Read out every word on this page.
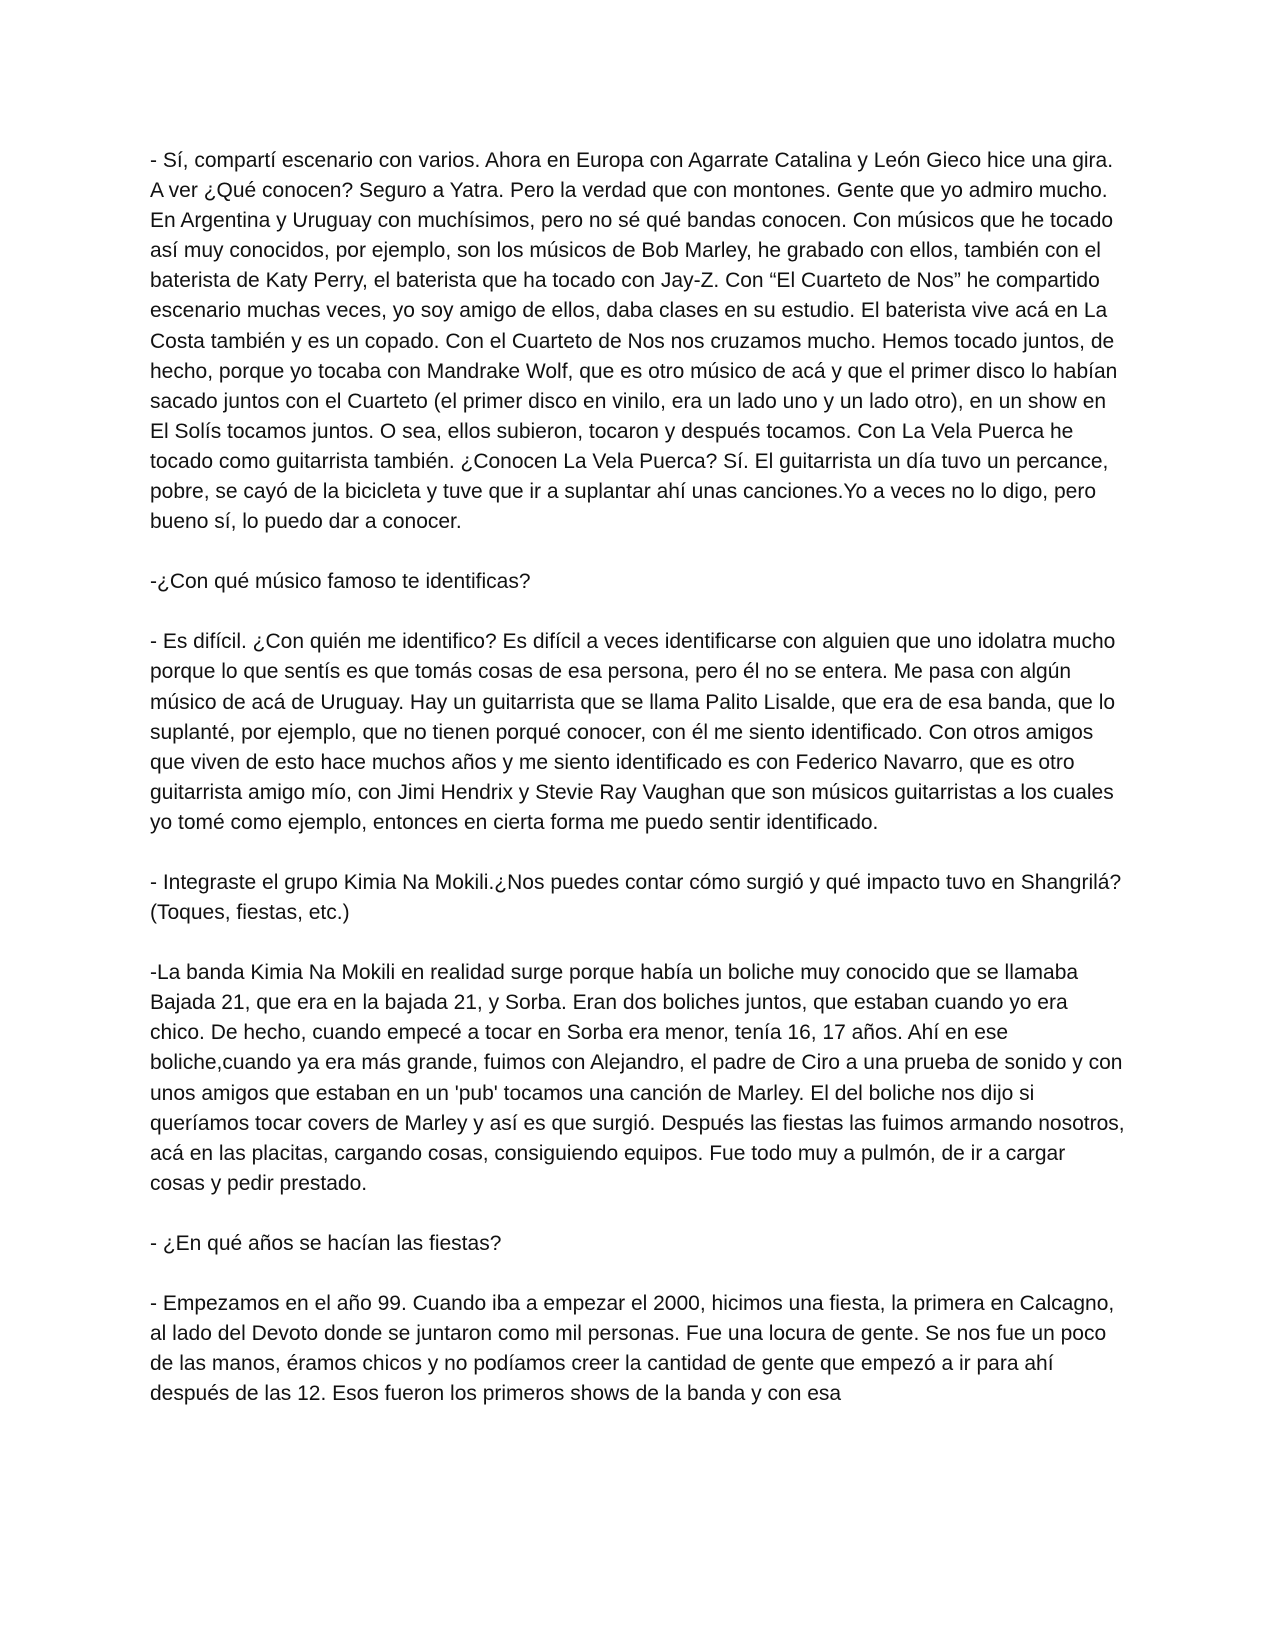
- Sí, compartí escenario con varios. Ahora en Europa con Agarrate Catalina y León Gieco hice una gira. A ver ¿Qué conocen? Seguro a Yatra. Pero la verdad que con montones. Gente que yo admiro mucho. En Argentina y Uruguay con muchísimos, pero no sé qué bandas conocen. Con músicos que he tocado así muy conocidos, por ejemplo, son los músicos de Bob Marley, he grabado con ellos, también con el baterista de Katy Perry, el baterista que ha tocado con Jay-Z. Con “El Cuarteto de Nos” he compartido escenario muchas veces, yo soy amigo de ellos, daba clases en su estudio. El baterista vive acá en La Costa también y es un copado. Con el Cuarteto de Nos nos cruzamos mucho. Hemos tocado juntos, de hecho, porque yo tocaba con Mandrake Wolf, que es otro músico de acá y que el primer disco lo habían sacado juntos con el Cuarteto (el primer disco en vinilo, era un lado uno y un lado otro), en un show en El Solís tocamos juntos. O sea, ellos subieron, tocaron y después tocamos. Con La Vela Puerca he tocado como guitarrista también. ¿Conocen La Vela Puerca? Sí. El guitarrista un día tuvo un percance, pobre, se cayó de la bicicleta y tuve que ir a suplantar ahí unas canciones.Yo a veces no lo digo, pero bueno sí, lo puedo dar a conocer.

-¿Con qué músico famoso te identificas?

- Es difícil. ¿Con quién me identifico? Es difícil a veces identificarse con alguien que uno idolatra mucho porque lo que sentís es que tomás cosas de esa persona, pero él no se entera. Me pasa con algún músico de acá de Uruguay. Hay un guitarrista que se llama Palito Lisalde, que era de esa banda, que lo suplanté, por ejemplo, que no tienen porqué conocer, con él me siento identificado. Con otros amigos que viven de esto hace muchos años y me siento identificado es con Federico Navarro, que es otro guitarrista amigo mío, con Jimi Hendrix y Stevie Ray Vaughan que son músicos guitarristas a los cuales yo tomé como ejemplo, entonces en cierta forma me puedo sentir identificado.

- Integraste el grupo Kimia Na Mokili.¿Nos puedes contar cómo surgió y qué impacto tuvo en Shangrilá? (Toques, fiestas, etc.)

-La banda Kimia Na Mokili en realidad surge porque había un boliche muy conocido que se llamaba Bajada 21, que era en la bajada 21, y Sorba. Eran dos boliches juntos, que estaban cuando yo era chico. De hecho, cuando empecé a tocar en Sorba era menor, tenía 16, 17 años. Ahí en ese boliche,cuando ya era más grande, fuimos con Alejandro, el padre de Ciro a una prueba de sonido y con unos amigos que estaban en un 'pub' tocamos una canción de Marley. El del boliche nos dijo si queríamos tocar covers de Marley y así es que surgió. Después las fiestas las fuimos armando nosotros, acá en las placitas, cargando cosas, consiguiendo equipos. Fue todo muy a pulmón, de ir a cargar cosas y pedir prestado.

- ¿En qué años se hacían las fiestas?

- Empezamos en el año 99. Cuando iba a empezar el 2000, hicimos una fiesta, la primera en Calcagno, al lado del Devoto donde se juntaron como mil personas. Fue una locura de gente. Se nos fue un poco de las manos, éramos chicos y no podíamos creer la cantidad de gente que empezó a ir para ahí después de las 12. Esos fueron los primeros shows de la banda y con esa
